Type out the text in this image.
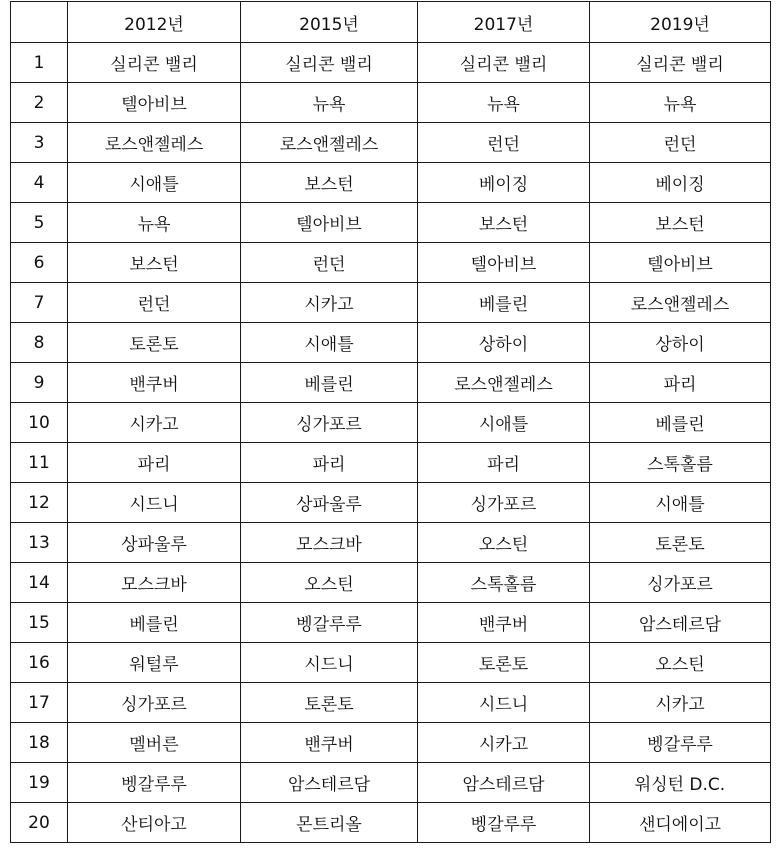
	2012년	2015년	2017년	2019년
1	실리콘 밸리	실리콘 밸리	실리콘 밸리	실리콘 밸리
2	텔아비브	뉴욕	뉴욕	뉴욕
3	로스앤젤레스	로스앤젤레스	런던	런던
4	시애틀	보스턴	베이징	베이징
5	뉴욕	텔아비브	보스턴	보스턴
6	보스턴	런던	텔아비브	텔아비브
7	런던	시카고	베를린	로스앤젤레스
8	토론토	시애틀	상하이	상하이
9	밴쿠버	베를린	로스앤젤레스	파리
10	시카고	싱가포르	시애틀	베를린
11	파리	파리	파리	스톡홀름
12	시드니	상파울루	싱가포르	시애틀
13	상파울루	모스크바	오스틴	토론토
14	모스크바	오스틴	스톡홀름	싱가포르
15	베를린	벵갈루루	밴쿠버	암스테르담
16	워털루	시드니	토론토	오스틴
17	싱가포르	토론토	시드니	시카고
18	멜버른	밴쿠버	시카고	벵갈루루
19	벵갈루루	암스테르담	암스테르담	워싱턴 D.C.
20	산티아고	몬트리올	벵갈루루	샌디에이고
